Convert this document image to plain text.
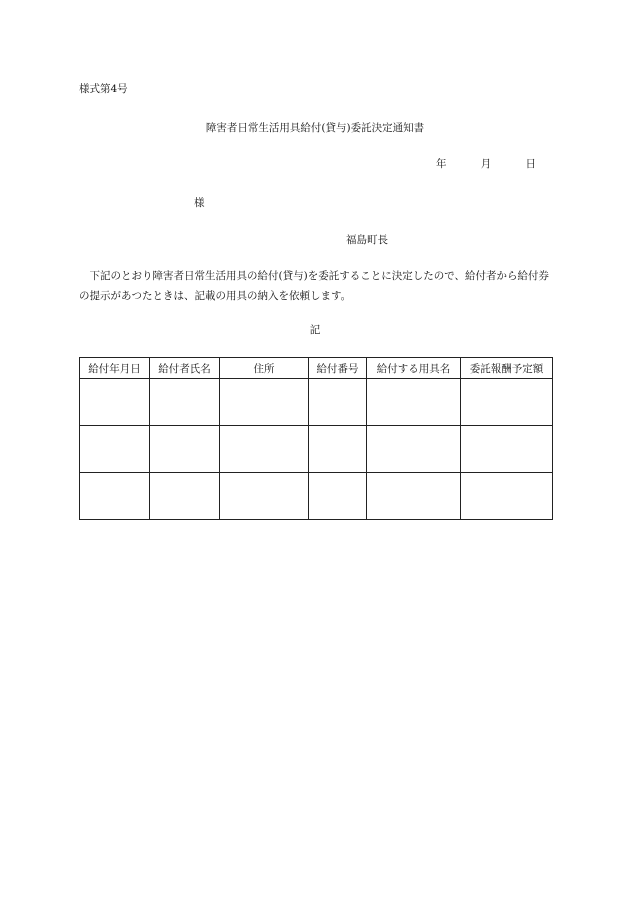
様式第4号
障害者日常生活用具給付(貸与)委託決定通知書
年	月	日
様
福島町長
下記のとおり障害者日常生活用具の給付(貸与)を委託することに決定したので、給付者から給付券の提示があつたときは、記載の用具の納入を依頼します。
記
給付年月日	給付者氏名	住所	給付番号	給付する用具名	委託報酬予定額
